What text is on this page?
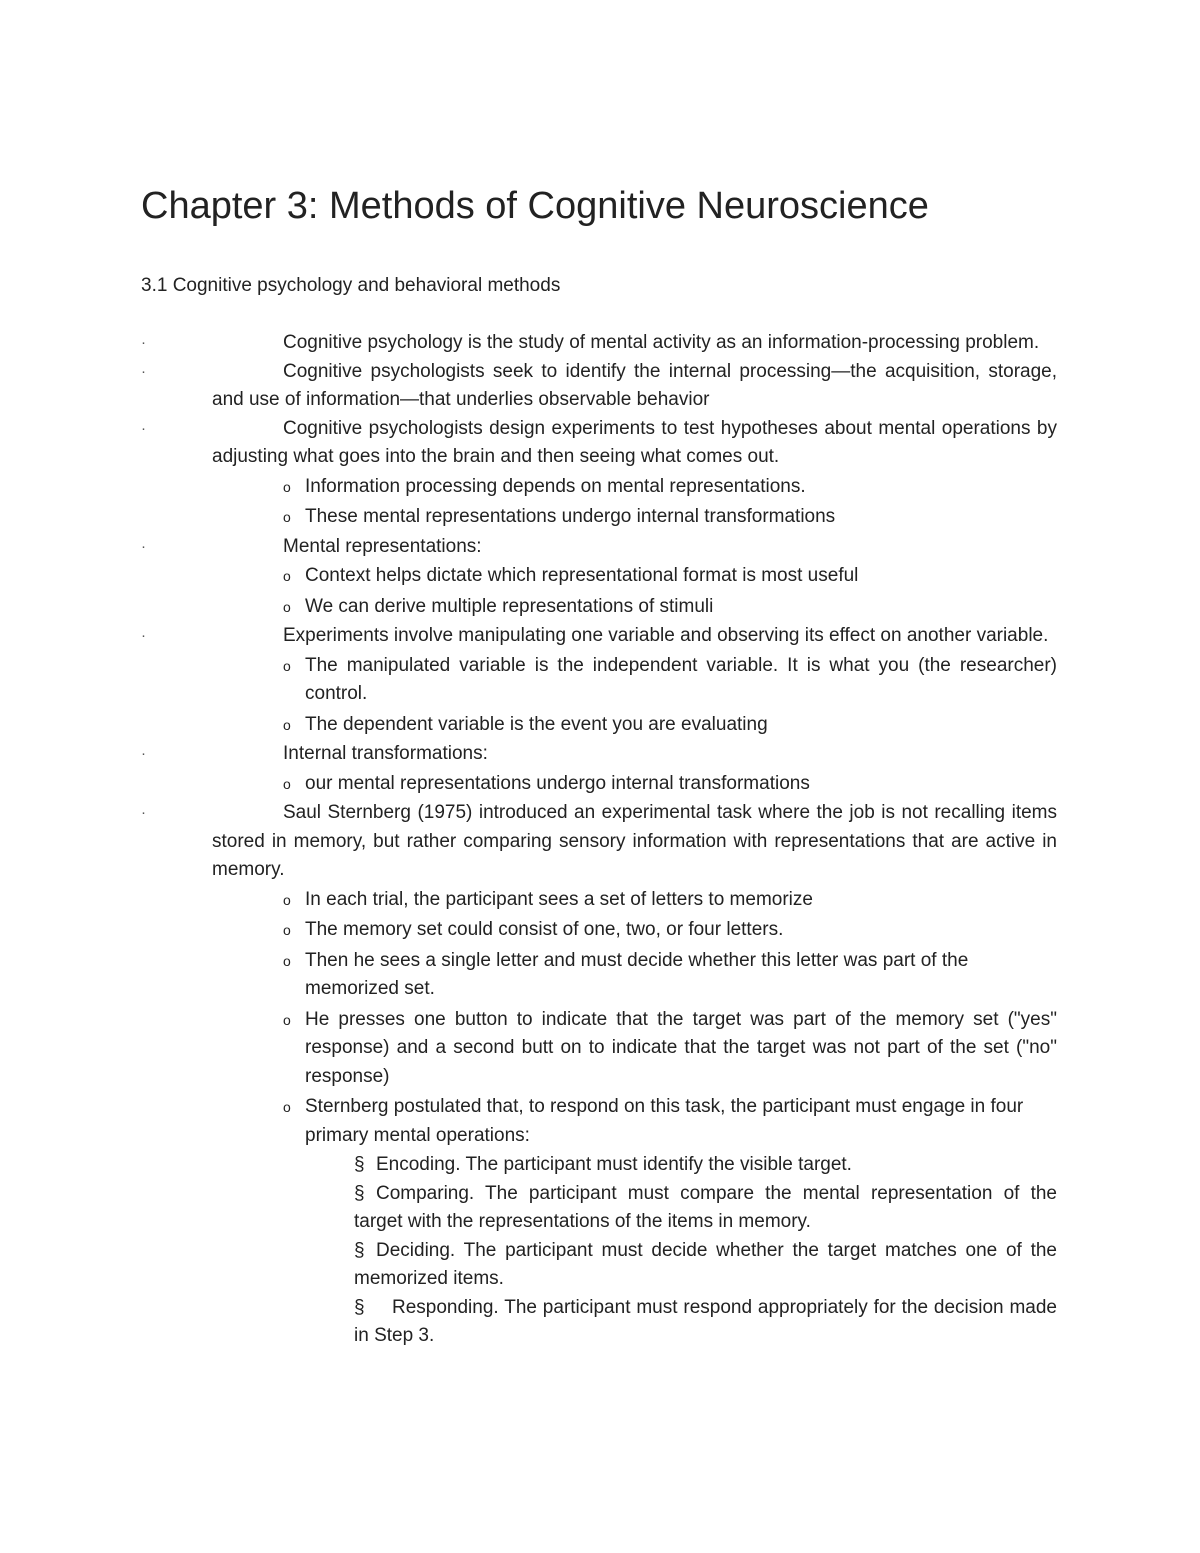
Chapter 3: Methods of Cognitive Neuroscience
3.1 Cognitive psychology and behavioral methods

·	Cognitive psychology is the study of mental activity as an information-processing problem.

·	Cognitive psychologists seek to identify the internal processing—the acquisition, storage, and use of information—that underlies observable behavior

·	Cognitive psychologists design experiments to test hypotheses about mental operations by adjusting what goes into the brain and then seeing what comes out.

o Information processing depends on mental representations.

o These mental representations undergo internal transformations

·	Mental representations:

o Context helps dictate which representational format is most useful

o We can derive multiple representations of stimuli

·	Experiments involve manipulating one variable and observing its effect on another variable.

o The manipulated variable is the independent variable. It is what you (the researcher) control.

o The dependent variable is the event you are evaluating

·	Internal transformations:

o our mental representations undergo internal transformations

·	Saul Sternberg (1975) introduced an experimental task where the job is not recalling items stored in memory, but rather comparing sensory information with representations that are active in memory.

o In each trial, the participant sees a set of letters to memorize

o The memory set could consist of one, two, or four letters.

o Then he sees a single letter and must decide whether this letter was part of the memorized set.

o He presses one button to indicate that the target was part of the memory set ("yes" response) and a second butt on to indicate that the target was not part of the set ("no" response)

o Sternberg postulated that, to respond on this task, the participant must engage in four primary mental operations:

§ Encoding. The participant must identify the visible target.

§ Comparing. The participant must compare the mental representation of the target with the representations of the items in memory.

§ Deciding. The participant must decide whether the target matches one of the memorized items.

§ Responding. The participant must respond appropriately for the decision made in Step 3.
